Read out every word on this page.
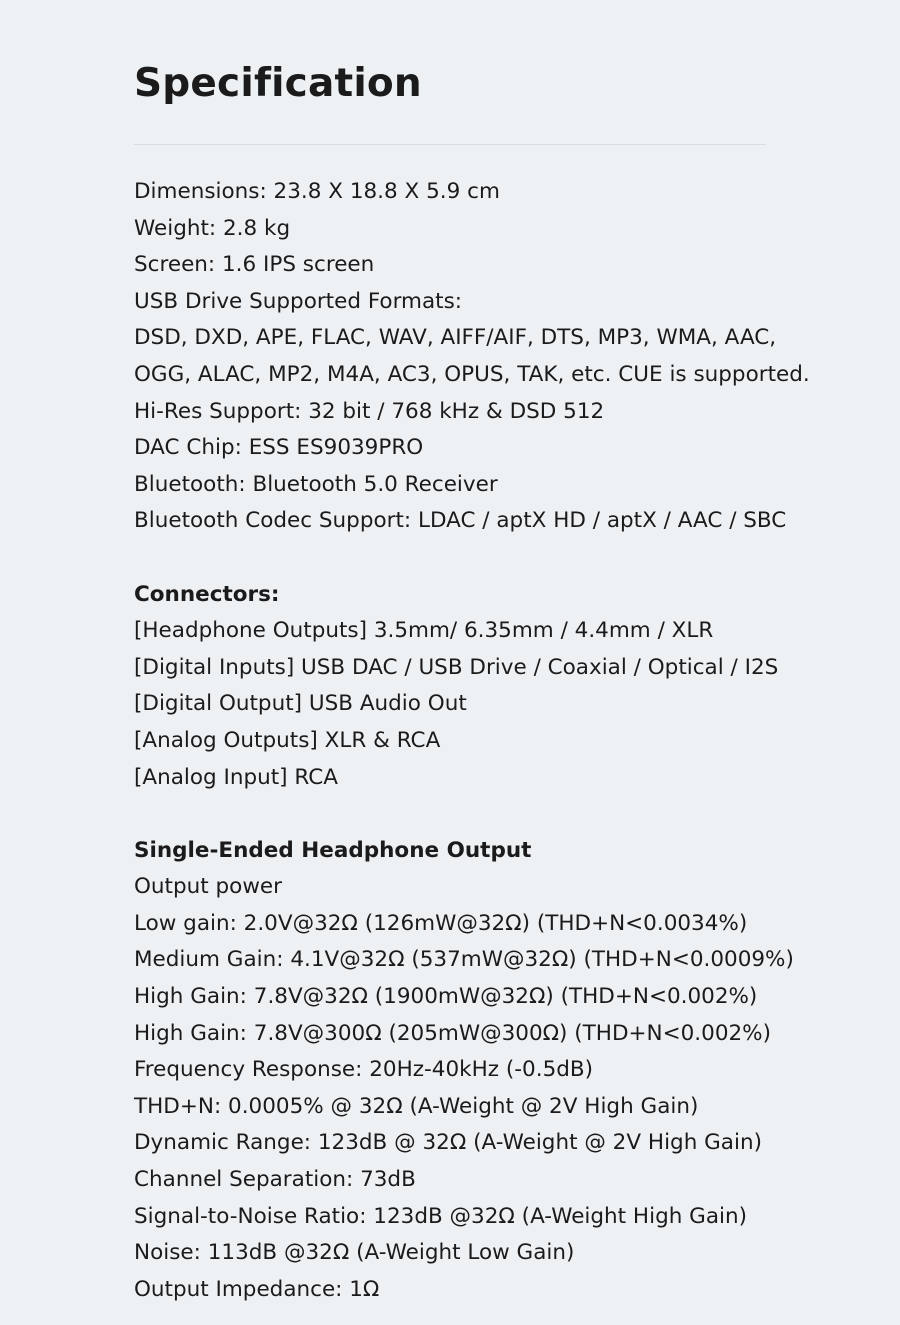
Specification

Dimensions: 23.8 X 18.8 X 5.9 cm

Weight: 2.8 kg

Screen: 1.6 IPS screen

USB Drive Supported Formats:

DSD, DXD, APE, FLAC, WAV, AIFF/AIF, DTS, MP3, WMA, AAC,

OGG, ALAC, MP2, M4A, AC3, OPUS, TAK, etc. CUE is supported.

Hi-Res Support: 32 bit / 768 kHz & DSD 512

DAC Chip: ESS ES9039PRO

Bluetooth: Bluetooth 5.0 Receiver

Bluetooth Codec Support: LDAC / aptX HD / aptX / AAC / SBC

Connectors:

[Headphone Outputs] 3.5mm/ 6.35mm / 4.4mm / XLR

[Digital Inputs] USB DAC / USB Drive / Coaxial / Optical / I2S

[Digital Output] USB Audio Out

[Analog Outputs] XLR & RCA

[Analog Input] RCA

Single-Ended Headphone Output

Output power

Low gain: 2.0V@32Ω (126mW@32Ω) (THD+N<0.0034%)

Medium Gain: 4.1V@32Ω (537mW@32Ω) (THD+N<0.0009%)

High Gain: 7.8V@32Ω (1900mW@32Ω) (THD+N<0.002%)

High Gain: 7.8V@300Ω (205mW@300Ω) (THD+N<0.002%)

Frequency Response: 20Hz-40kHz (-0.5dB)

THD+N: 0.0005% @ 32Ω (A-Weight @ 2V High Gain)

Dynamic Range: 123dB @ 32Ω (A-Weight @ 2V High Gain)

Channel Separation: 73dB

Signal-to-Noise Ratio: 123dB @32Ω (A-Weight High Gain)

Noise: 113dB @32Ω (A-Weight Low Gain)

Output Impedance: 1Ω
